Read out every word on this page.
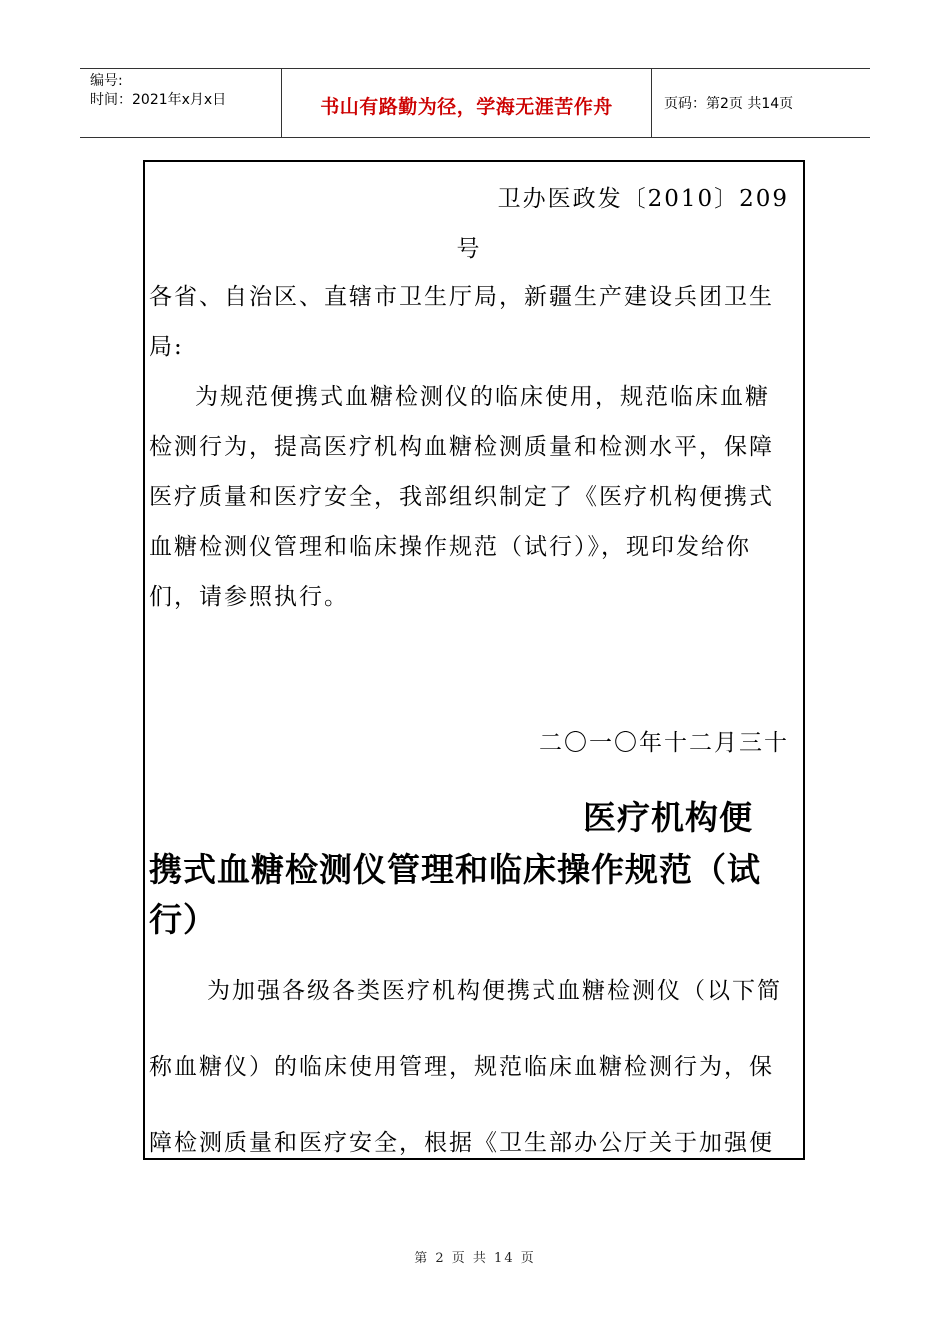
编号:
时间：2021年x月x日	书山有路勤为径，学海无涯苦作舟	页码：第2页 共14页
卫办医政发〔2010〕209
号
各省、自治区、直辖市卫生厅局，新疆生产建设兵团卫生
局:
为规范便携式血糖检测仪的临床使用，规范临床血糖
检测行为，提高医疗机构血糖检测质量和检测水平，保障
医疗质量和医疗安全，我部组织制定了《医疗机构便携式
血糖检测仪管理和临床操作规范（试行）》，现印发给你
们，请参照执行。
二〇一〇年十二月三十
医疗机构便
携式血糖检测仪管理和临床操作规范（试
行）
为加强各级各类医疗机构便携式血糖检测仪（以下简
称血糖仪）的临床使用管理，规范临床血糖检测行为，保
障检测质量和医疗安全，根据《卫生部办公厅关于加强便
第 2 页 共 14 页
